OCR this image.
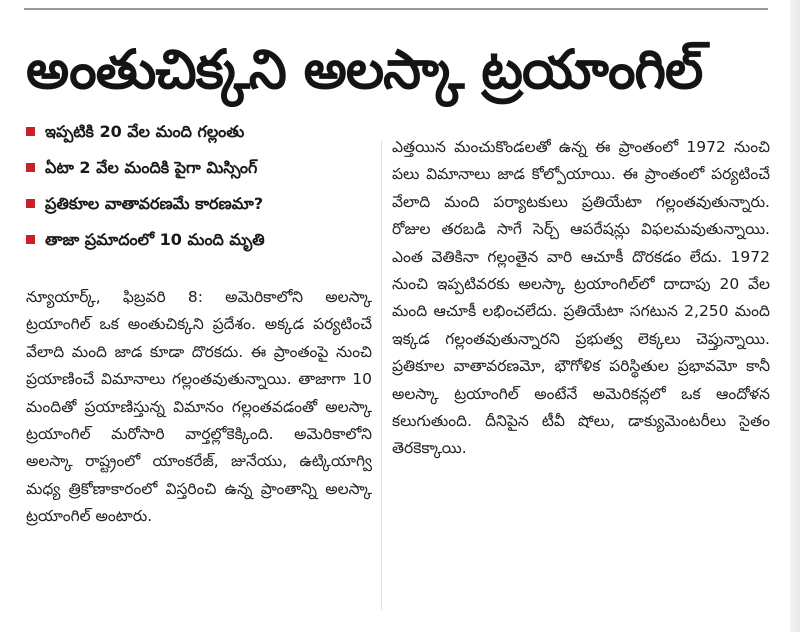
అంతుచిక్కని అలస్కా ట్రయాంగిల్
ఇప్పటికి 20 వేల మంది గల్లంతు
ఏటా 2 వేల మందికి పైగా మిస్సింగ్
ప్రతికూల వాతావరణమే కారణమా?
తాజా ప్రమాదంలో 10 మంది మృతి
న్యూయార్క్, ఫిబ్రవరి 8: అమెరికాలోని అలస్కా ట్రయాంగిల్ ఒక అంతుచిక్కని ప్రదేశం. అక్కడ పర్యటించే వేలాది మంది జాడ కూడా దొరకదు. ఈ ప్రాంతంపై నుంచి ప్రయాణించే విమానాలు గల్లంతవుతున్నాయి. తాజాగా 10 మందితో ప్రయాణిస్తున్న విమానం గల్లంతవడంతో అలస్కా ట్రయాంగిల్ మరోసారి వార్తల్లోకెక్కింది. అమెరికాలోని అలస్కా రాష్ట్రంలో యాంకరేజ్, జునేయు, ఉట్కియాగ్వి మధ్య త్రికోణాకారంలో విస్తరించి ఉన్న ప్రాంతాన్ని అలస్కా ట్రయాంగిల్ అంటారు.
ఎత్తయిన మంచుకొండలతో ఉన్న ఈ ప్రాంతంలో 1972 నుంచి పలు విమానాలు జాడ కోల్పోయాయి. ఈ ప్రాంతంలో పర్యటించే వేలాది మంది పర్యాటకులు ప్రతియేటా గల్లంతవుతున్నారు. రోజుల తరబడి సాగే సెర్చ్ ఆపరేషన్లు విఫలమవుతున్నాయి. ఎంత వెతికినా గల్లంతైన వారి ఆచూకీ దొరకడం లేదు. 1972 నుంచి ఇప్పటివరకు అలస్కా ట్రయాంగిల్‌లో దాదాపు 20 వేల మంది ఆచూకీ లభించలేదు. ప్రతియేటా సగటున 2,250 మంది ఇక్కడ గల్లంతవుతున్నారని ప్రభుత్వ లెక్కలు చెప్తున్నాయి. ప్రతికూల వాతావరణమో, భౌగోళిక పరిస్థితుల ప్రభావమో కానీ అలస్కా ట్రయాంగిల్ అంటేనే అమెరికన్లలో ఒక ఆందోళన కలుగుతుంది. దీనిపైన టీవీ షోలు, డాక్యుమెంటరీలు సైతం తెరకెక్కాయి.
